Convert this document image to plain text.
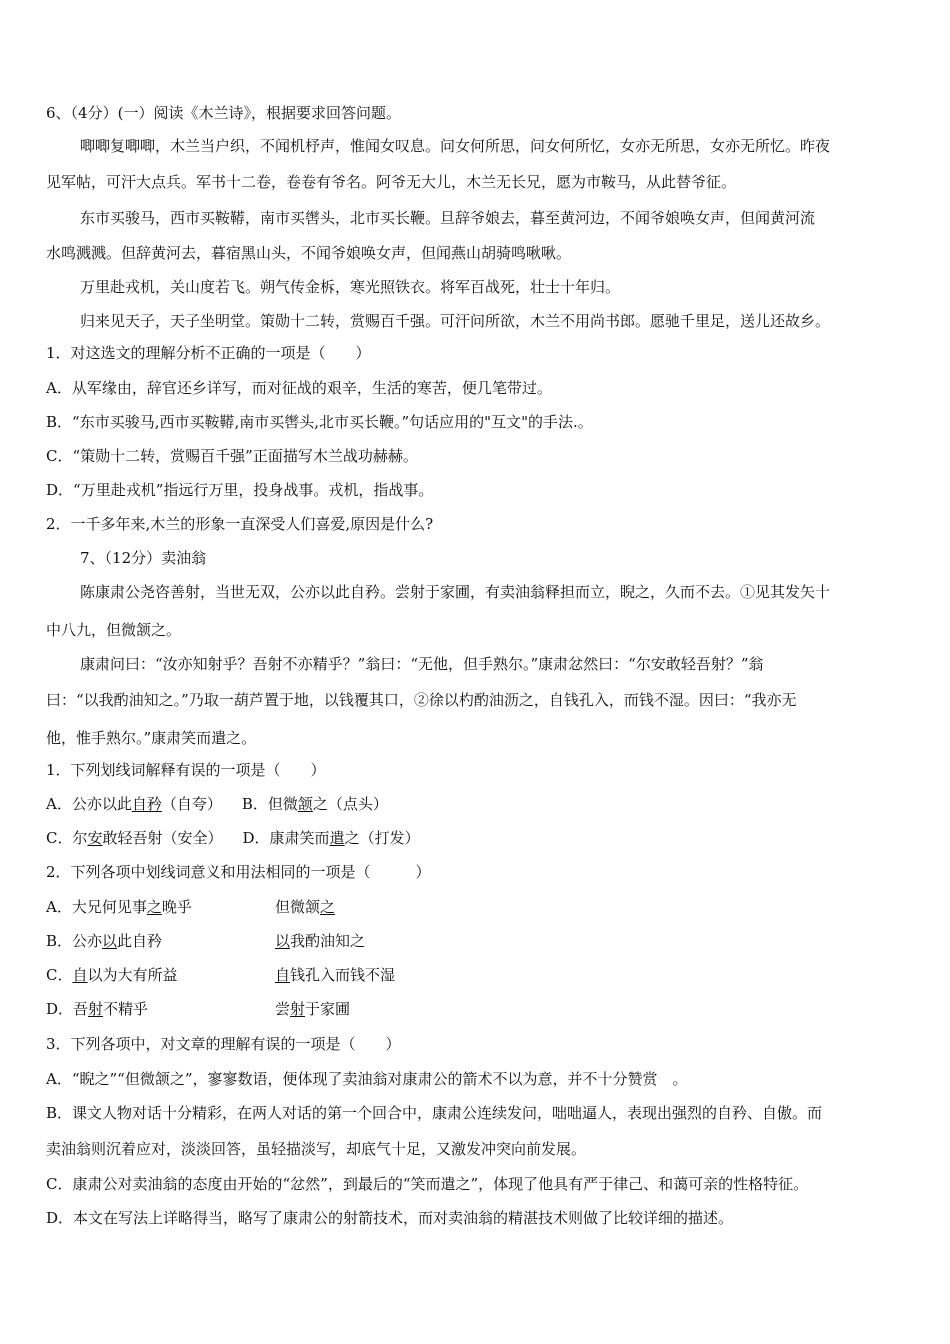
6、（4分）(一）阅读《木兰诗》，根据要求回答问题。
唧唧复唧唧，木兰当户织，不闻机杼声，惟闻女叹息。问女何所思，问女何所忆，女亦无所思，女亦无所忆。昨夜
见军帖，可汗大点兵。军书十二卷，卷卷有爷名。阿爷无大儿，木兰无长兄，愿为市鞍马，从此替爷征。
东市买骏马，西市买鞍鞯，南市买辔头，北市买长鞭。旦辞爷娘去，暮至黄河边，不闻爷娘唤女声，但闻黄河流
水鸣溅溅。但辞黄河去，暮宿黑山头，不闻爷娘唤女声，但闻燕山胡骑鸣啾啾。
万里赴戎机，关山度若飞。朔气传金柝，寒光照铁衣。将军百战死，壮士十年归。
归来见天子，天子坐明堂。策勋十二转，赏赐百千强。可汗问所欲，木兰不用尚书郎。愿驰千里足，送儿还故乡。
1．对这选文的理解分析不正确的一项是（　　）
A．从军缘由，辞官还乡详写，而对征战的艰辛，生活的寒苦，便几笔带过。
B．“东市买骏马,西市买鞍鞯,南市买辔头,北市买长鞭。”句话应用的"互文"的手法.。
C．“策勋十二转，赏赐百千强”正面描写木兰战功赫赫。
D．“万里赴戎机”指远行万里，投身战事。戎机，指战事。
2．一千多年来,木兰的形象一直深受人们喜爱,原因是什么?
7、（12分）卖油翁
陈康肃公尧咨善射，当世无双，公亦以此自矜。尝射于家圃，有卖油翁释担而立，睨之，久而不去。①见其发矢十
中八九，但微颔之。
康肃问曰：“汝亦知射乎？吾射不亦精乎？”翁曰：“无他，但手熟尔。”康肃忿然曰：“尔安敢轻吾射？”翁
曰：“以我酌油知之。”乃取一葫芦置于地，以钱覆其口，②徐以杓酌油沥之，自钱孔入，而钱不湿。因曰：“我亦无
他，惟手熟尔。”康肃笑而遣之。
1．下列划线词解释有误的一项是（　　）
A．公亦以此自矜（自夸） B．但微颔之（点头）
C．尔安敢轻吾射（安全） D．康肃笑而遣之（打发）
2．下列各项中划线词意义和用法相同的一项是（　　　）
A．大兄何见事之晚乎	但微颔之
B．公亦以此自矜	以我酌油知之
C．自以为大有所益	自钱孔入而钱不湿
D．吾射不精乎	尝射于家圃
3．下列各项中，对文章的理解有误的一项是（　　）
A．“睨之”“但微颔之”，寥寥数语，便体现了卖油翁对康肃公的箭术不以为意，并不十分赞赏　。
B．课文人物对话十分精彩，在两人对话的第一个回合中，康肃公连续发问，咄咄逼人，表现出强烈的自矜、自傲。而
卖油翁则沉着应对，淡淡回答，虽轻描淡写，却底气十足，又激发冲突向前发展。
C．康肃公对卖油翁的态度由开始的“忿然”，到最后的“笑而遣之”，体现了他具有严于律己、和蔼可亲的性格特征。
D．本文在写法上详略得当，略写了康肃公的射箭技术，而对卖油翁的精湛技术则做了比较详细的描述。
